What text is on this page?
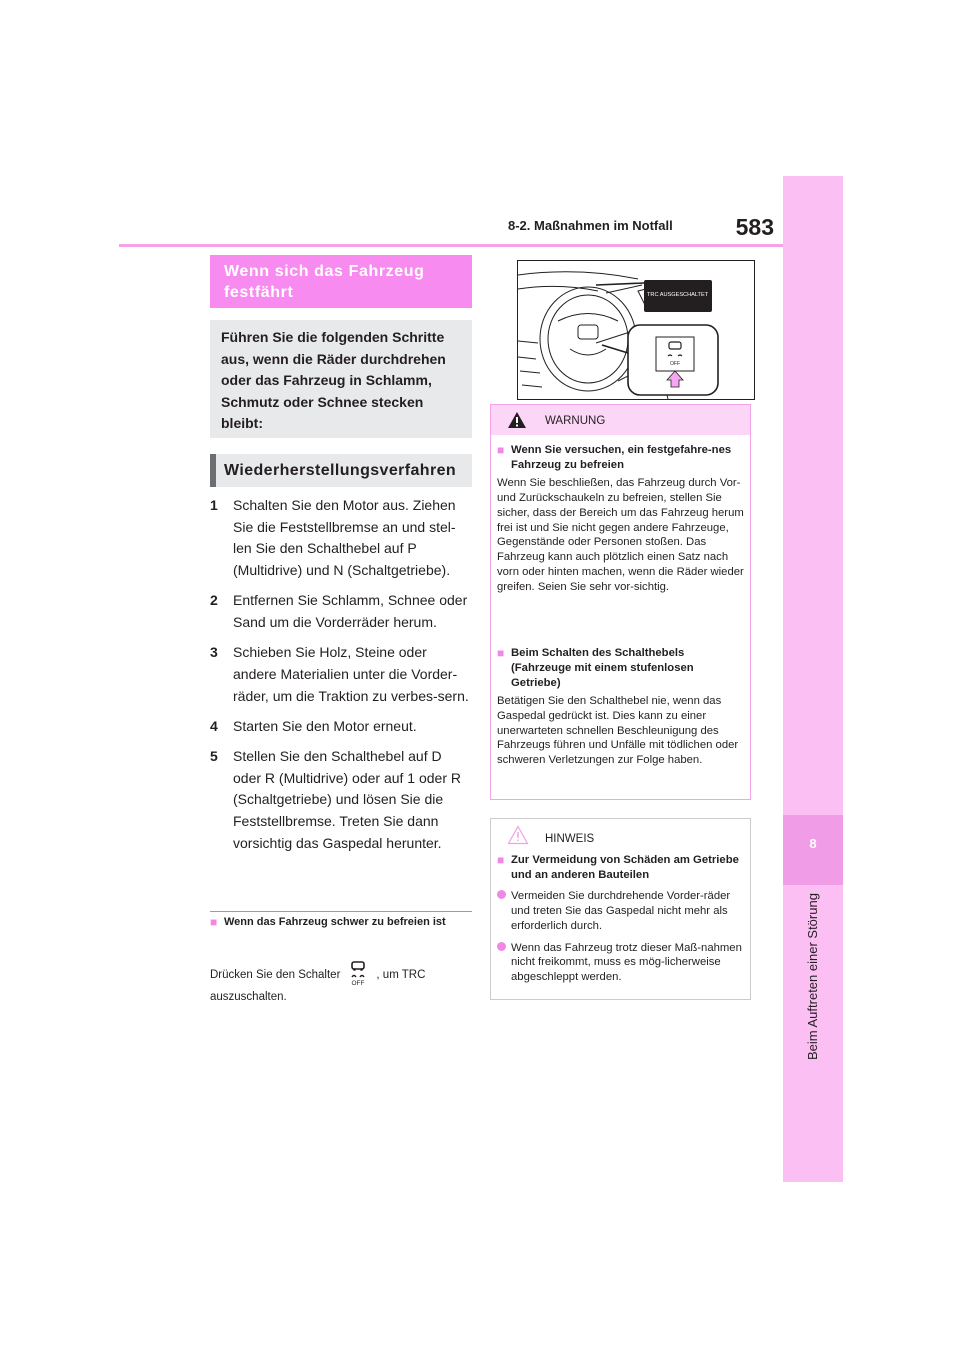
8-2. Maßnahmen im Notfall	583
8
Beim Auftreten einer Störung
Wenn sich das Fahrzeug festfährt
Führen Sie die folgenden Schritte aus, wenn die Räder durchdrehen oder das Fahrzeug in Schlamm, Schmutz oder Schnee stecken bleibt:
Wiederherstellungsverfahren
1 Schalten Sie den Motor aus. Ziehen Sie die Feststellbremse an und stel-len Sie den Schalthebel auf P (Multidrive) und N (Schaltgetriebe).
2 Entfernen Sie Schlamm, Schnee oder Sand um die Vorderräder herum.
3 Schieben Sie Holz, Steine oder andere Materialien unter die Vorder-räder, um die Traktion zu verbes-sern.
4 Starten Sie den Motor erneut.
5 Stellen Sie den Schalthebel auf D oder R (Multidrive) oder auf 1 oder R (Schaltgetriebe) und lösen Sie die Feststellbremse. Treten Sie dann vorsichtig das Gaspedal herunter.
■ Wenn das Fahrzeug schwer zu befreien ist
Drücken Sie den Schalter
OFF
, um TRC auszuschalten.
OFF
TRC AUSGESCHALTET
WARNUNG
■ Wenn Sie versuchen, ein festgefahre-nes Fahrzeug zu befreien
Wenn Sie beschließen, das Fahrzeug durch Vor- und Zurückschaukeln zu befreien, stellen Sie sicher, dass der Bereich um das Fahrzeug herum frei ist und Sie nicht gegen andere Fahrzeuge, Gegenstände oder Personen stoßen. Das Fahrzeug kann auch plötzlich einen Satz nach vorn oder hinten machen, wenn die Räder wieder greifen. Seien Sie sehr vor-sichtig.
■ Beim Schalten des Schalthebels (Fahrzeuge mit einem stufenlosen Getriebe)
Betätigen Sie den Schalthebel nie, wenn das Gaspedal gedrückt ist. Dies kann zu einer unerwarteten schnellen Beschleunigung des Fahrzeugs führen und Unfälle mit tödlichen oder schweren Verletzungen zur Folge haben.
HINWEIS
■ Zur Vermeidung von Schäden am Getriebe und an anderen Bauteilen
Vermeiden Sie durchdrehende Vorder-räder und treten Sie das Gaspedal nicht mehr als erforderlich durch.
Wenn das Fahrzeug trotz dieser Maß-nahmen nicht freikommt, muss es mög-licherweise abgeschleppt werden.
